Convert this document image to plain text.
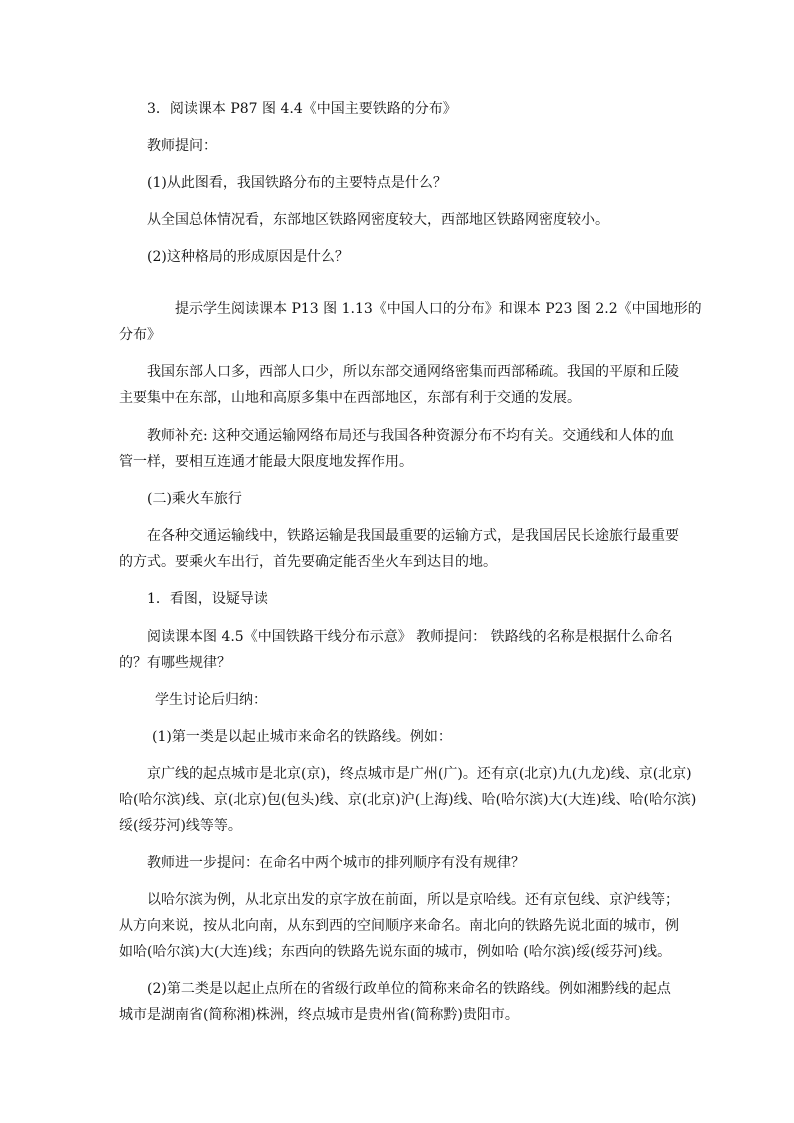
3．阅读课本 P87 图 4.4《中国主要铁路的分布》
教师提问：
(1)从此图看，我国铁路分布的主要特点是什么？
从全国总体情况看，东部地区铁路网密度较大，西部地区铁路网密度较小。
(2)这种格局的形成原因是什么？
提示学生阅读课本 P13 图 1.13《中国人口的分布》和课本 P23 图 2.2《中国地形的
分布》
我国东部人口多，西部人口少，所以东部交通网络密集而西部稀疏。我国的平原和丘陵
主要集中在东部，山地和高原多集中在西部地区，东部有利于交通的发展。
教师补充: 这种交通运输网络布局还与我国各种资源分布不均有关。交通线和人体的血
管一样，要相互连通才能最大限度地发挥作用。
(二)乘火车旅行
在各种交通运输线中，铁路运输是我国最重要的运输方式，是我国居民长途旅行最重要
的方式。要乘火车出行，首先要确定能否坐火车到达目的地。
1．看图，设疑导读
阅读课本图 4.5《中国铁路干线分布示意》 教师提问： 铁路线的名称是根据什么命名
的？有哪些规律？
学生讨论后归纳：
(1)第一类是以起止城市来命名的铁路线。例如：
京广线的起点城市是北京(京)，终点城市是广州(广)。还有京(北京)九(九龙)线、京(北京)
哈(哈尔滨)线、京(北京)包(包头)线、京(北京)沪(上海)线、哈(哈尔滨)大(大连)线、哈(哈尔滨)
绥(绥芬河)线等等。
教师进一步提问：在命名中两个城市的排列顺序有没有规律？
以哈尔滨为例，从北京出发的京字放在前面，所以是京哈线。还有京包线、京沪线等；
从方向来说，按从北向南，从东到西的空间顺序来命名。南北向的铁路先说北面的城市，例
如哈(哈尔滨)大(大连)线；东西向的铁路先说东面的城市，例如哈 (哈尔滨)绥(绥芬河)线。
(2)第二类是以起止点所在的省级行政单位的简称来命名的铁路线。例如湘黔线的起点
城市是湖南省(简称湘)株洲，终点城市是贵州省(简称黔)贵阳市。
